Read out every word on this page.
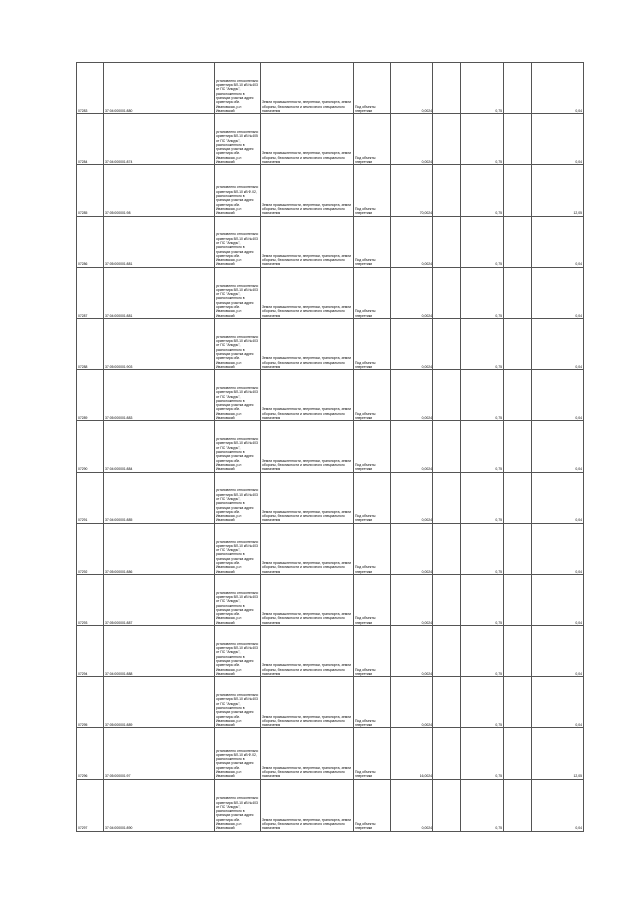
07283	37:04:000001:880	установлено относительно ориентира ВЛ-10 кВ №403 от ПС "Анкурь", расположенного в границах участка адрес ориентира обл. Ивановская, р-н Ивановский	Земли промышленности, энергетики, транспорта, земли обороны, безопасности и земли иного специального назначения	Под объекты энергетики	0,0024		0,75		0,04
07284	37:04:000001:874	установлено относительно ориентира ВЛ-10 кВ №405 от ПС "Анкурь", расположенного в границах участка адрес ориентира обл. Ивановская, р-н Ивановский	Земли промышленности, энергетики, транспорта, земли обороны, безопасности и земли иного специального назначения	Под объекты энергетики	0,0024		0,75		0,04
07285	37:05:000001:98	установлено относительно ориентира ВЛ-10 кВ Ф.02, расположенного в границах участка адрес ориентира обл. Ивановская, р-н Ивановский	Земли промышленности, энергетики, транспорта, земли обороны, безопасности и земли иного специального назначения	Под объекты энергетики	70,0024		0,75		12,05
07286	37:05:000001:881	установлено относительно ориентира ВЛ-10 кВ №403 от ПС "Анкурь", расположенного в границах участка адрес ориентира обл. Ивановская, р-н Ивановский	Земли промышленности, энергетики, транспорта, земли обороны, безопасности и земли иного специального назначения	Под объекты энергетики	0,0024		0,75		0,04
07287	37:04:000001:881	установлено относительно ориентира ВЛ-10 кВ №403 от ПС "Анкурь", расположенного в границах участка адрес ориентира обл. Ивановская, р-н Ивановский	Земли промышленности, энергетики, транспорта, земли обороны, безопасности и земли иного специального назначения	Под объекты энергетики	0,0024		0,75		0,04
07288	37:05:000001:903	установлено относительно ориентира ВЛ-10 кВ №403 от ПС "Анкурь", расположенного в границах участка адрес ориентира обл. Ивановская, р-н Ивановский	Земли промышленности, энергетики, транспорта, земли обороны, безопасности и земли иного специального назначения	Под объекты энергетики	0,0024		0,75		0,04
07289	37:05:000001:883	установлено относительно ориентира ВЛ-10 кВ №403 от ПС "Анкурь", расположенного в границах участка адрес ориентира обл. Ивановская, р-н Ивановский	Земли промышленности, энергетики, транспорта, земли обороны, безопасности и земли иного специального назначения	Под объекты энергетики	0,0024		0,75		0,04
07290	37:04:000001:884	установлено относительно ориентира ВЛ-10 кВ №403 от ПС "Анкурь", расположенного в границах участка адрес ориентира обл. Ивановская, р-н Ивановский	Земли промышленности, энергетики, транспорта, земли обороны, безопасности и земли иного специального назначения	Под объекты энергетики	0,0024		0,75		0,04
07291	37:04:000001:885	установлено относительно ориентира ВЛ-10 кВ №403 от ПС "Анкурь", расположенного в границах участка адрес ориентира обл. Ивановская, р-н Ивановский	Земли промышленности, энергетики, транспорта, земли обороны, безопасности и земли иного специального назначения	Под объекты энергетики	0,0024		0,75		0,04
07292	37:05:000001:886	установлено относительно ориентира ВЛ-10 кВ №403 от ПС "Анкурь", расположенного в границах участка адрес ориентира обл. Ивановская, р-н Ивановский	Земли промышленности, энергетики, транспорта, земли обороны, безопасности и земли иного специального назначения	Под объекты энергетики	0,0024		0,75		0,04
07293	37:05:000001:887	установлено относительно ориентира ВЛ-10 кВ №403 от ПС "Анкурь", расположенного в границах участка адрес ориентира обл. Ивановская, р-н Ивановский	Земли промышленности, энергетики, транспорта, земли обороны, безопасности и земли иного специального назначения	Под объекты энергетики	0,0024		0,75		0,04
07294	37:04:000001:888	установлено относительно ориентира ВЛ-10 кВ №403 от ПС "Анкурь", расположенного в границах участка адрес ориентира обл. Ивановская, р-н Ивановский	Земли промышленности, энергетики, транспорта, земли обороны, безопасности и земли иного специального назначения	Под объекты энергетики	0,0024		0,75		0,04
07295	37:05:000001:889	установлено относительно ориентира ВЛ-10 кВ №403 от ПС "Анкурь", расположенного в границах участка адрес ориентира обл. Ивановская, р-н Ивановский	Земли промышленности, энергетики, транспорта, земли обороны, безопасности и земли иного специального назначения	Под объекты энергетики	0,0024		0,75		0,04
07296	37:05:000001:97	установлено относительно ориентира ВЛ-10 кВ Ф.02, расположенного в границах участка адрес ориентира обл. Ивановская, р-н Ивановский	Земли промышленности, энергетики, транспорта, земли обороны, безопасности и земли иного специального назначения	Под объекты энергетики	16,0024		0,75		12,05
07297	37:04:000001:890	установлено относительно ориентира ВЛ-10 кВ №403 от ПС "Анкурь", расположенного в границах участка адрес ориентира обл. Ивановская, р-н Ивановский	Земли промышленности, энергетики, транспорта, земли обороны, безопасности и земли иного специального назначения	Под объекты энергетики	0,0024		0,75		0,04
